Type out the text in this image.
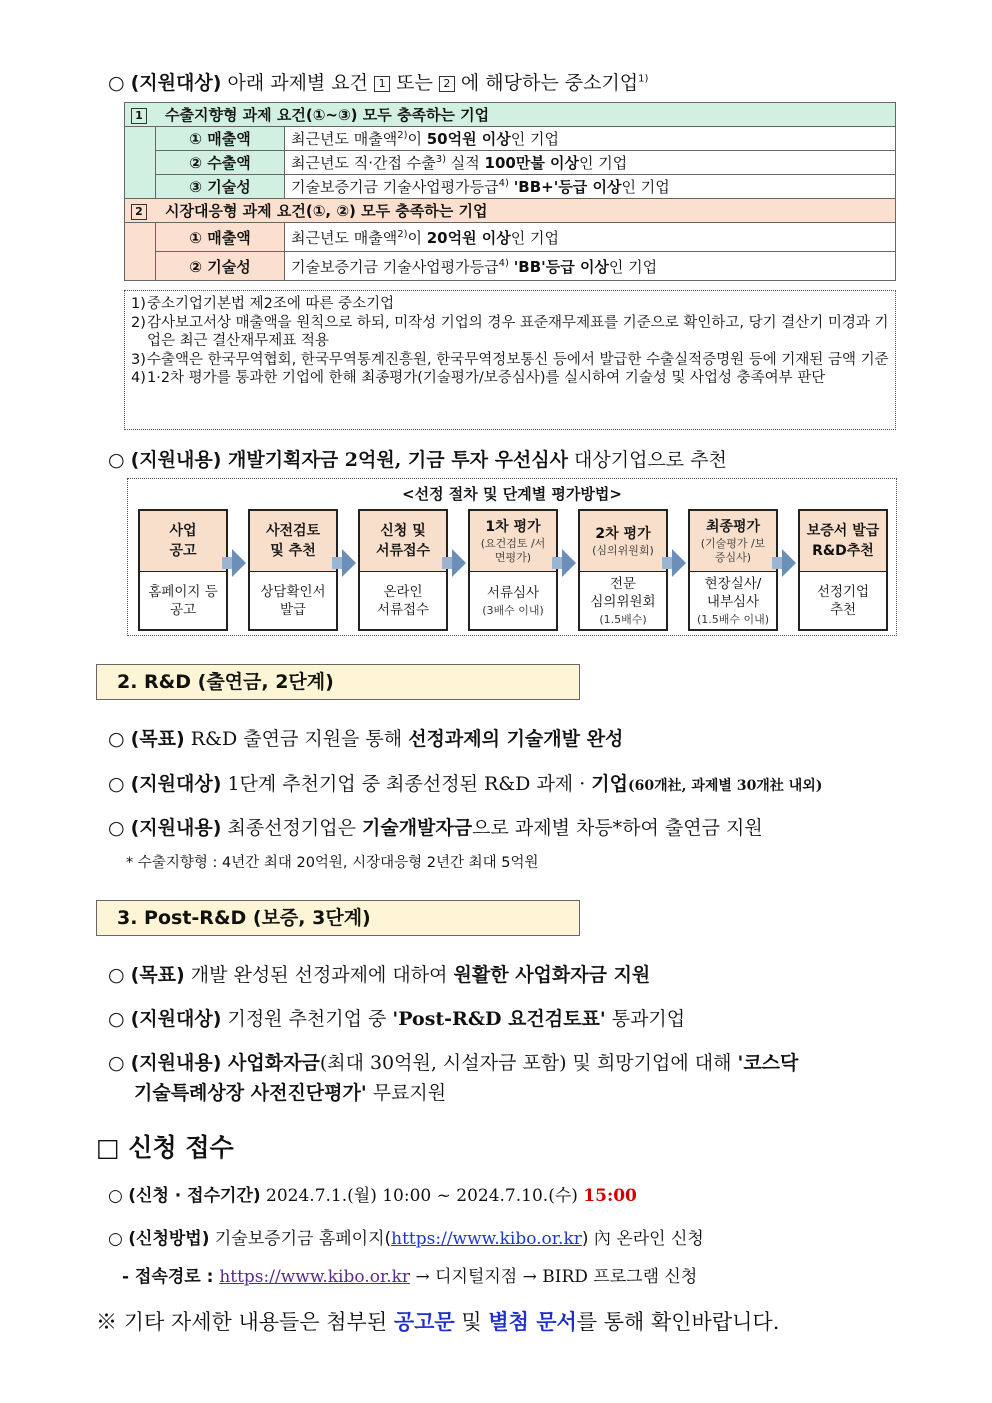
○ (지원대상) 아래 과제별 요건 1 또는 2 에 해당하는 중소기업$^{1)}$
1 수출지향형 과제 요건(①~③) 모두 충족하는 기업		
	① 매출액	최근년도 매출액$^{2)}$이 50억원 이상인 기업
	② 수출액	최근년도 직·간접 수출$^{3)}$ 실적 100만불 이상인 기업
	③ 기술성	기술보증기금 기술사업평가등급$^{4)}$ 'BB+'등급 이상인 기업
2 시장대응형 과제 요건(①, ②) 모두 충족하는 기업		
	① 매출액	최근년도 매출액$^{2)}$이 20억원 이상인 기업
	② 기술성	기술보증기금 기술사업평가등급$^{4)}$ 'BB'등급 이상인 기업
1) 중소기업기본법 제2조에 따른 중소기업
2) 감사보고서상 매출액을 원칙으로 하되, 미작성 기업의 경우 표준재무제표를 기준으로 확인하고, 당기 결산기 미경과 기업은 최근 결산재무제표 적용
3) 수출액은 한국무역협회, 한국무역통계진흥원, 한국무역정보통신 등에서 발급한 수출실적증명원 등에 기재된 금액 기준
4) 1·2차 평가를 통과한 기업에 한해 최종평가(기술평가/보증심사)를 실시하여 기술성 및 사업성 충족여부 판단
○ (지원내용) 개발기획자금 2억원, 기금 투자 우선심사 대상기업으로 추천
<선정 절차 및 단계별 평가방법>
사업
공고
홈페이지 등
공고
사전검토
및 추천
상담확인서
발급
신청 및
서류접수
온라인
서류접수
1차 평가
(요건검토 /서면평가)
서류심사
(3배수 이내)
2차 평가
(심의위원회)
전문
심의위원회
(1.5배수)
최종평가
(기술평가 /보증심사)
현장실사/
내부심사
(1.5배수 이내)
보증서 발급
R&D추천
선정기업
추천
2. R&D (출연금, 2단계)
○ (목표) R&D 출연금 지원을 통해 선정과제의 기술개발 완성
○ (지원대상) 1단계 추천기업 중 최종선정된 R&D 과제 · 기업(60개社, 과제별 30개社 내외)
○ (지원내용) 최종선정기업은 기술개발자금으로 과제별 차등*하여 출연금 지원
* 수출지향형 : 4년간 최대 20억원, 시장대응형 2년간 최대 5억원
3. Post-R&D (보증, 3단계)
○ (목표) 개발 완성된 선정과제에 대하여 원활한 사업화자금 지원
○ (지원대상) 기정원 추천기업 중 'Post-R&D 요건검토표' 통과기업
○ (지원내용) 사업화자금(최대 30억원, 시설자금 포함) 및 희망기업에 대해 '코스닥
기술특례상장 사전진단평가' 무료지원
□ 신청 접수
○ (신청 · 접수기간) 2024.7.1.(월) 10:00 ~ 2024.7.10.(수) 15:00
○ (신청방법) 기술보증기금 홈페이지(https://www.kibo.or.kr) 內 온라인 신청
- 접속경로 : https://www.kibo.or.kr → 디지털지점 → BIRD 프로그램 신청
※ 기타 자세한 내용들은 첨부된 공고문 및 별첨 문서를 통해 확인바랍니다.
